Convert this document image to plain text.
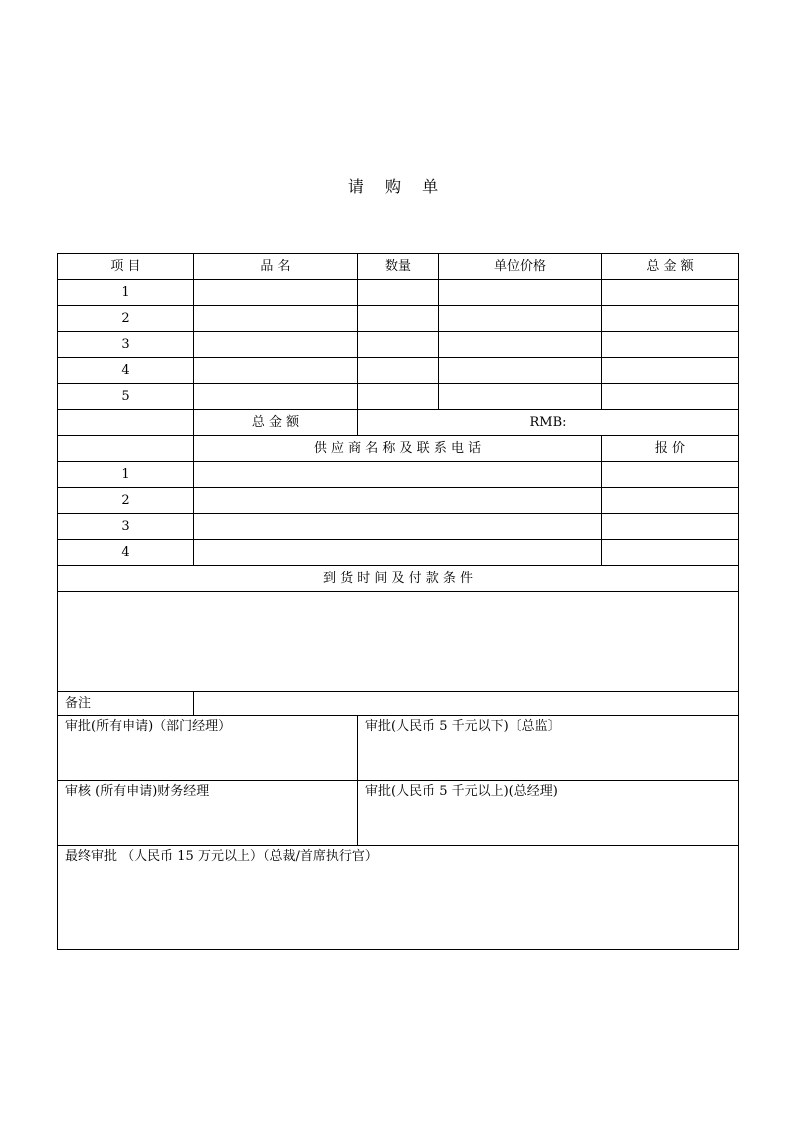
请 购 单
项 目	品 名	数量	单位价格	总 金 额
1				
2				
3				
4				
5				
	总 金 额	RMB:		
	供 应 商 名 称 及 联 系 电 话			报 价
1				
2				
3				
4				
到 货 时 间 及 付 款 条 件				

备注				
审批(所有申请)（部门经理）		审批(人民币 5 千元以下)〔总监〕		
审核 (所有申请)财务经理		审批(人民币 5 千元以上)(总经理)		
最终审批 （人民币 15 万元以上）（总裁/首席执行官）				
